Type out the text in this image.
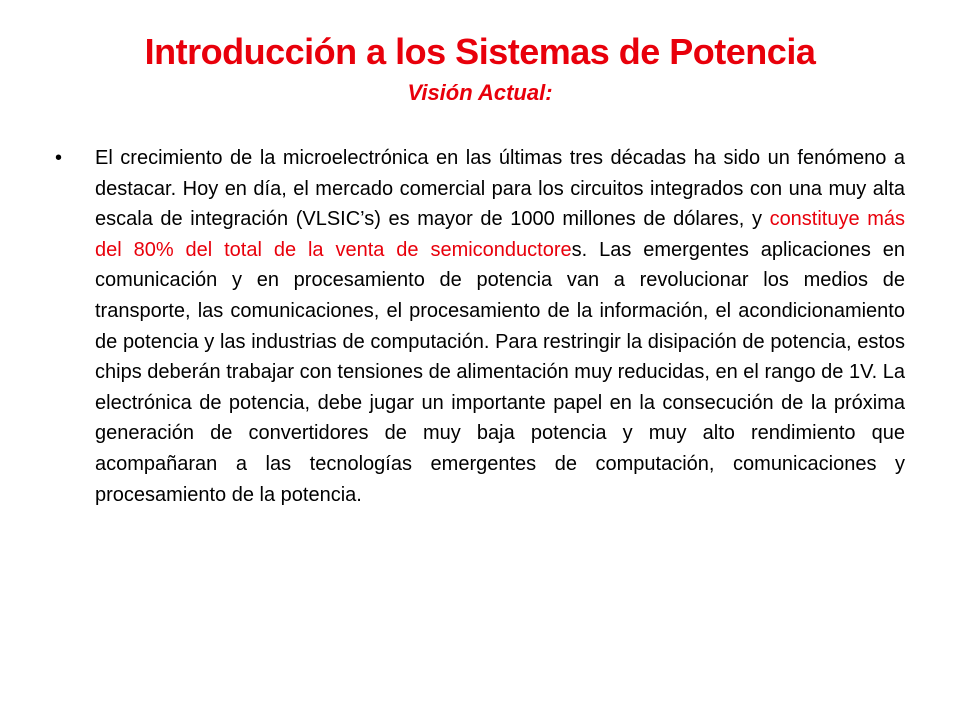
Introducción a los Sistemas de Potencia
Visión Actual:
• El crecimiento de la microelectrónica en las últimas tres décadas ha sido un fenómeno a destacar. Hoy en día, el mercado comercial para los circuitos integrados con una muy alta escala de integración (VLSIC’s) es mayor de 1000 millones de dólares, y constituye más del 80% del total de la venta de semiconductores. Las emergentes aplicaciones en comunicación y en procesamiento de potencia van a revolucionar los medios de transporte, las comunicaciones, el procesamiento de la información, el acondicionamiento de potencia y las industrias de computación. Para restringir la disipación de potencia, estos chips deberán trabajar con tensiones de alimentación muy reducidas, en el rango de 1V. La electrónica de potencia, debe jugar un importante papel en la consecución de la próxima generación de convertidores de muy baja potencia y muy alto rendimiento que acompañaran a las tecnologías emergentes de computación, comunicaciones y procesamiento de la potencia.
